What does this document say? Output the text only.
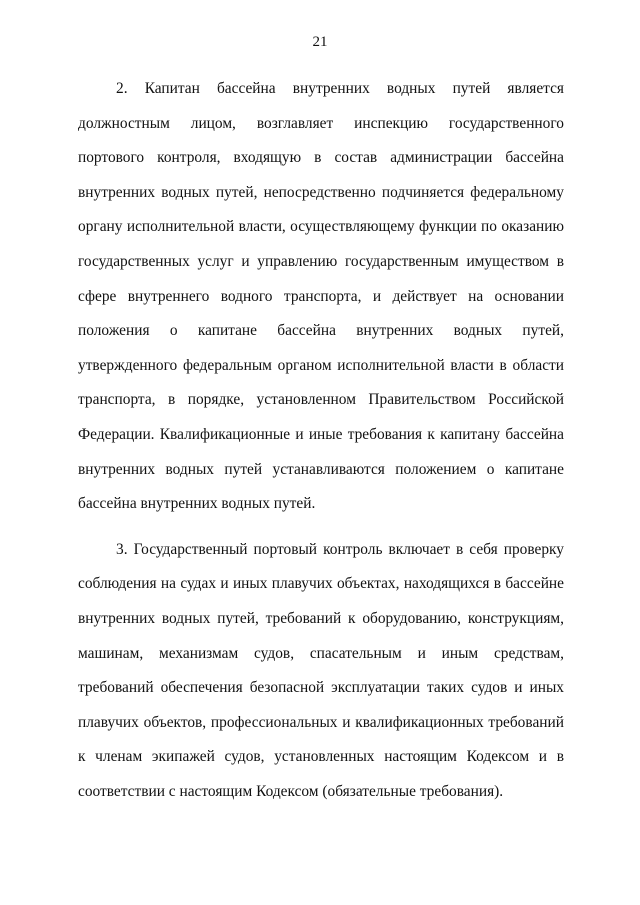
21

2. Капитан бассейна внутренних водных путей является должностным лицом, возглавляет инспекцию государственного портового контроля, входящую в состав администрации бассейна внутренних водных путей, непосредственно подчиняется федеральному органу исполнительной власти, осуществляющему функции по оказанию государственных услуг и управлению государственным имуществом в сфере внутреннего водного транспорта, и действует на основании положения о капитане бассейна внутренних водных путей, утвержденного федеральным органом исполнительной власти в области транспорта, в порядке, установленном Правительством Российской Федерации. Квалификационные и иные требования к капитану бассейна внутренних водных путей устанавливаются положением о капитане бассейна внутренних водных путей.

3. Государственный портовый контроль включает в себя проверку соблюдения на судах и иных плавучих объектах, находящихся в бассейне внутренних водных путей, требований к оборудованию, конструкциям, машинам, механизмам судов, спасательным и иным средствам, требований обеспечения безопасной эксплуатации таких судов и иных плавучих объектов, профессиональных и квалификационных требований к членам экипажей судов, установленных настоящим Кодексом и в соответствии с настоящим Кодексом (обязательные требования).
